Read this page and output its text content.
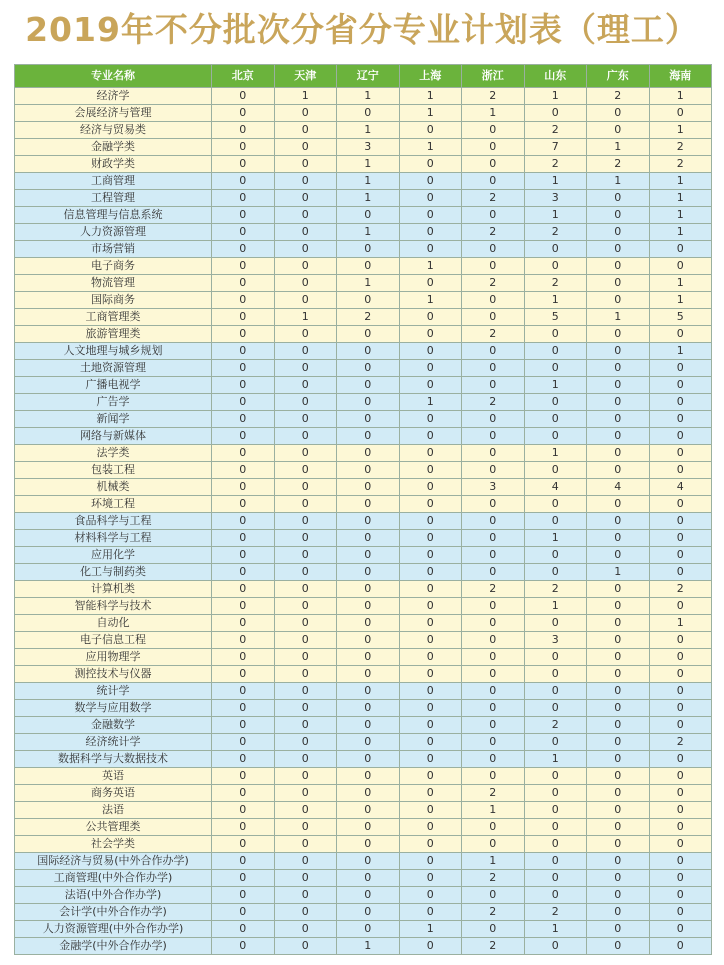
2019年不分批次分省分专业计划表（理工）
专业名称	北京	天津	辽宁	上海	浙江	山东	广东	海南
经济学	0	1	1	1	2	1	2	1
会展经济与管理	0	0	0	1	1	0	0	0
经济与贸易类	0	0	1	0	0	2	0	1
金融学类	0	0	3	1	0	7	1	2
财政学类	0	0	1	0	0	2	2	2
工商管理	0	0	1	0	0	1	1	1
工程管理	0	0	1	0	2	3	0	1
信息管理与信息系统	0	0	0	0	0	1	0	1
人力资源管理	0	0	1	0	2	2	0	1
市场营销	0	0	0	0	0	0	0	0
电子商务	0	0	0	1	0	0	0	0
物流管理	0	0	1	0	2	2	0	1
国际商务	0	0	0	1	0	1	0	1
工商管理类	0	1	2	0	0	5	1	5
旅游管理类	0	0	0	0	2	0	0	0
人文地理与城乡规划	0	0	0	0	0	0	0	1
土地资源管理	0	0	0	0	0	0	0	0
广播电视学	0	0	0	0	0	1	0	0
广告学	0	0	0	1	2	0	0	0
新闻学	0	0	0	0	0	0	0	0
网络与新媒体	0	0	0	0	0	0	0	0
法学类	0	0	0	0	0	1	0	0
包装工程	0	0	0	0	0	0	0	0
机械类	0	0	0	0	3	4	4	4
环境工程	0	0	0	0	0	0	0	0
食品科学与工程	0	0	0	0	0	0	0	0
材料科学与工程	0	0	0	0	0	1	0	0
应用化学	0	0	0	0	0	0	0	0
化工与制药类	0	0	0	0	0	0	1	0
计算机类	0	0	0	0	2	2	0	2
智能科学与技术	0	0	0	0	0	1	0	0
自动化	0	0	0	0	0	0	0	1
电子信息工程	0	0	0	0	0	3	0	0
应用物理学	0	0	0	0	0	0	0	0
测控技术与仪器	0	0	0	0	0	0	0	0
统计学	0	0	0	0	0	0	0	0
数学与应用数学	0	0	0	0	0	0	0	0
金融数学	0	0	0	0	0	2	0	0
经济统计学	0	0	0	0	0	0	0	2
数据科学与大数据技术	0	0	0	0	0	1	0	0
英语	0	0	0	0	0	0	0	0
商务英语	0	0	0	0	2	0	0	0
法语	0	0	0	0	1	0	0	0
公共管理类	0	0	0	0	0	0	0	0
社会学类	0	0	0	0	0	0	0	0
国际经济与贸易(中外合作办学)	0	0	0	0	1	0	0	0
工商管理(中外合作办学)	0	0	0	0	2	0	0	0
法语(中外合作办学)	0	0	0	0	0	0	0	0
会计学(中外合作办学)	0	0	0	0	2	2	0	0
人力资源管理(中外合作办学)	0	0	0	1	0	1	0	0
金融学(中外合作办学)	0	0	1	0	2	0	0	0
